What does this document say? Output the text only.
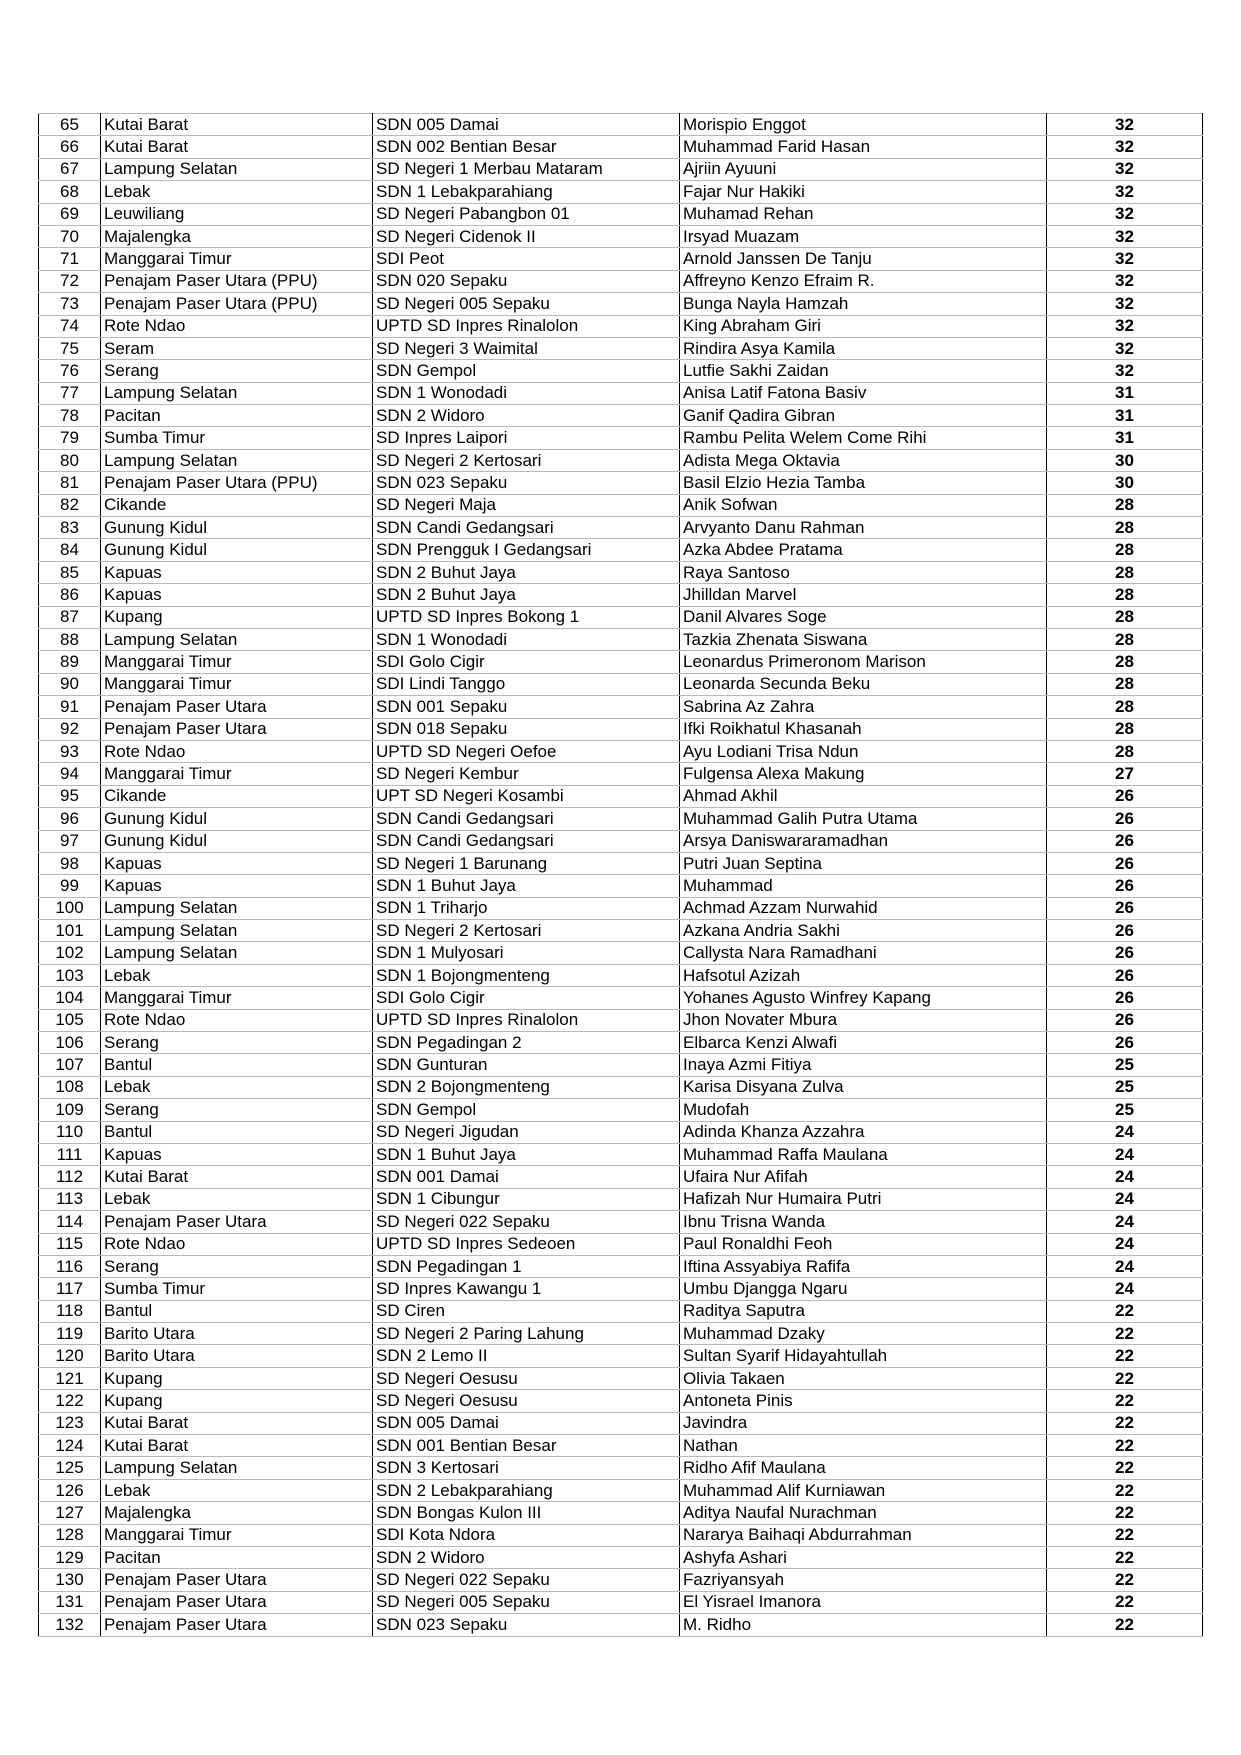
65	Kutai Barat	SDN 005 Damai	Morispio Enggot	32
66	Kutai Barat	SDN 002 Bentian Besar	Muhammad Farid Hasan	32
67	Lampung Selatan	SD Negeri 1 Merbau Mataram	Ajriin Ayuuni	32
68	Lebak	SDN 1 Lebakparahiang	Fajar Nur Hakiki	32
69	Leuwiliang	SD Negeri Pabangbon 01	Muhamad Rehan	32
70	Majalengka	SD Negeri Cidenok II	Irsyad Muazam	32
71	Manggarai Timur	SDI Peot	Arnold Janssen De Tanju	32
72	Penajam Paser Utara (PPU)	SDN 020 Sepaku	Affreyno Kenzo Efraim R.	32
73	Penajam Paser Utara (PPU)	SD Negeri 005 Sepaku	Bunga Nayla Hamzah	32
74	Rote Ndao	UPTD SD Inpres Rinalolon	King Abraham Giri	32
75	Seram	SD Negeri 3 Waimital	Rindira Asya Kamila	32
76	Serang	SDN Gempol	Lutfie Sakhi Zaidan	32
77	Lampung Selatan	SDN 1 Wonodadi	Anisa Latif Fatona Basiv	31
78	Pacitan	SDN 2 Widoro	Ganif Qadira Gibran	31
79	Sumba Timur	SD Inpres Laipori	Rambu Pelita Welem Come Rihi	31
80	Lampung Selatan	SD Negeri 2 Kertosari	Adista Mega Oktavia	30
81	Penajam Paser Utara (PPU)	SDN 023 Sepaku	Basil Elzio Hezia Tamba	30
82	Cikande	SD Negeri Maja	Anik Sofwan	28
83	Gunung Kidul	SDN Candi Gedangsari	Arvyanto Danu Rahman	28
84	Gunung Kidul	SDN Prengguk I Gedangsari	Azka Abdee Pratama	28
85	Kapuas	SDN 2 Buhut Jaya	Raya Santoso	28
86	Kapuas	SDN 2 Buhut Jaya	Jhilldan Marvel	28
87	Kupang	UPTD SD Inpres Bokong 1	Danil Alvares Soge	28
88	Lampung Selatan	SDN 1 Wonodadi	Tazkia Zhenata Siswana	28
89	Manggarai Timur	SDI Golo Cigir	Leonardus Primeronom Marison	28
90	Manggarai Timur	SDI Lindi Tanggo	Leonarda Secunda Beku	28
91	Penajam Paser Utara	SDN 001 Sepaku	Sabrina Az Zahra	28
92	Penajam Paser Utara	SDN 018 Sepaku	Ifki Roikhatul Khasanah	28
93	Rote Ndao	UPTD SD Negeri Oefoe	Ayu Lodiani Trisa Ndun	28
94	Manggarai Timur	SD Negeri Kembur	Fulgensa Alexa Makung	27
95	Cikande	UPT SD Negeri Kosambi	Ahmad Akhil	26
96	Gunung Kidul	SDN Candi Gedangsari	Muhammad Galih Putra Utama	26
97	Gunung Kidul	SDN Candi Gedangsari	Arsya Daniswararamadhan	26
98	Kapuas	SD Negeri 1 Barunang	Putri Juan Septina	26
99	Kapuas	SDN 1 Buhut Jaya	Muhammad	26
100	Lampung Selatan	SDN 1 Triharjo	Achmad Azzam Nurwahid	26
101	Lampung Selatan	SD Negeri 2 Kertosari	Azkana Andria Sakhi	26
102	Lampung Selatan	SDN 1 Mulyosari	Callysta Nara Ramadhani	26
103	Lebak	SDN 1 Bojongmenteng	Hafsotul Azizah	26
104	Manggarai Timur	SDI Golo Cigir	Yohanes Agusto Winfrey Kapang	26
105	Rote Ndao	UPTD SD Inpres Rinalolon	Jhon Novater Mbura	26
106	Serang	SDN Pegadingan 2	Elbarca Kenzi Alwafi	26
107	Bantul	SDN Gunturan	Inaya Azmi Fitiya	25
108	Lebak	SDN 2 Bojongmenteng	Karisa Disyana Zulva	25
109	Serang	SDN Gempol	Mudofah	25
110	Bantul	SD Negeri Jigudan	Adinda Khanza Azzahra	24
111	Kapuas	SDN 1 Buhut Jaya	Muhammad Raffa Maulana	24
112	Kutai Barat	SDN 001 Damai	Ufaira Nur Afifah	24
113	Lebak	SDN 1 Cibungur	Hafizah Nur Humaira Putri	24
114	Penajam Paser Utara	SD Negeri 022 Sepaku	Ibnu Trisna Wanda	24
115	Rote Ndao	UPTD SD Inpres Sedeoen	Paul Ronaldhi Feoh	24
116	Serang	SDN Pegadingan 1	Iftina Assyabiya Rafifa	24
117	Sumba Timur	SD Inpres Kawangu 1	Umbu Djangga Ngaru	24
118	Bantul	SD Ciren	Raditya Saputra	22
119	Barito Utara	SD Negeri 2 Paring Lahung	Muhammad Dzaky	22
120	Barito Utara	SDN 2 Lemo II	Sultan Syarif Hidayahtullah	22
121	Kupang	SD Negeri Oesusu	Olivia Takaen	22
122	Kupang	SD Negeri Oesusu	Antoneta Pinis	22
123	Kutai Barat	SDN 005 Damai	Javindra	22
124	Kutai Barat	SDN 001 Bentian Besar	Nathan	22
125	Lampung Selatan	SDN 3 Kertosari	Ridho Afif Maulana	22
126	Lebak	SDN 2 Lebakparahiang	Muhammad Alif Kurniawan	22
127	Majalengka	SDN Bongas Kulon III	Aditya Naufal Nurachman	22
128	Manggarai Timur	SDI Kota Ndora	Nararya Baihaqi Abdurrahman	22
129	Pacitan	SDN 2 Widoro	Ashyfa Ashari	22
130	Penajam Paser Utara	SD Negeri 022 Sepaku	Fazriyansyah	22
131	Penajam Paser Utara	SD Negeri 005 Sepaku	El Yisrael Imanora	22
132	Penajam Paser Utara	SDN 023 Sepaku	M. Ridho	22
